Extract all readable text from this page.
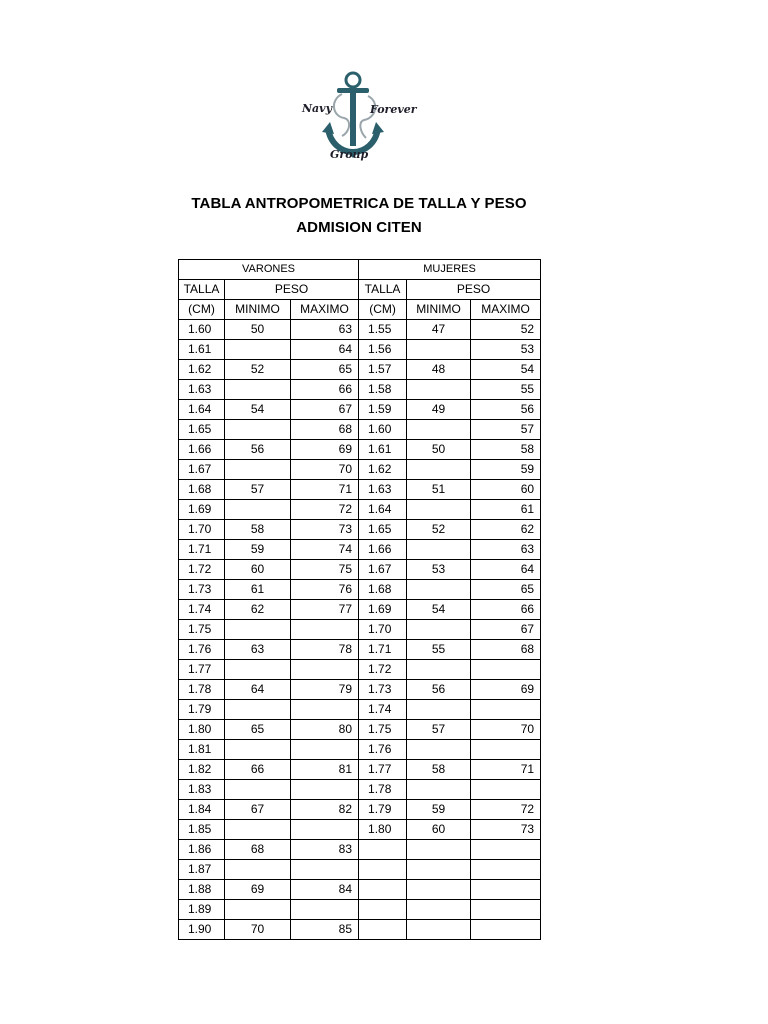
Navy	Forever
Group
TABLA ANTROPOMETRICA DE TALLA Y PESO
ADMISION CITEN
VARONES			MUJERES		
TALLA	PESO		TALLA	PESO	
(CM)	MINIMO	MAXIMO	(CM)	MINIMO	MAXIMO
1.60	50	63	1.55	47	52
1.61		64	1.56		53
1.62	52	65	1.57	48	54
1.63		66	1.58		55
1.64	54	67	1.59	49	56
1.65		68	1.60		57
1.66	56	69	1.61	50	58
1.67		70	1.62		59
1.68	57	71	1.63	51	60
1.69		72	1.64		61
1.70	58	73	1.65	52	62
1.71	59	74	1.66		63
1.72	60	75	1.67	53	64
1.73	61	76	1.68		65
1.74	62	77	1.69	54	66
1.75			1.70		67
1.76	63	78	1.71	55	68
1.77			1.72		
1.78	64	79	1.73	56	69
1.79			1.74		
1.80	65	80	1.75	57	70
1.81			1.76		
1.82	66	81	1.77	58	71
1.83			1.78		
1.84	67	82	1.79	59	72
1.85			1.80	60	73
1.86	68	83			
1.87					
1.88	69	84			
1.89					
1.90	70	85			
